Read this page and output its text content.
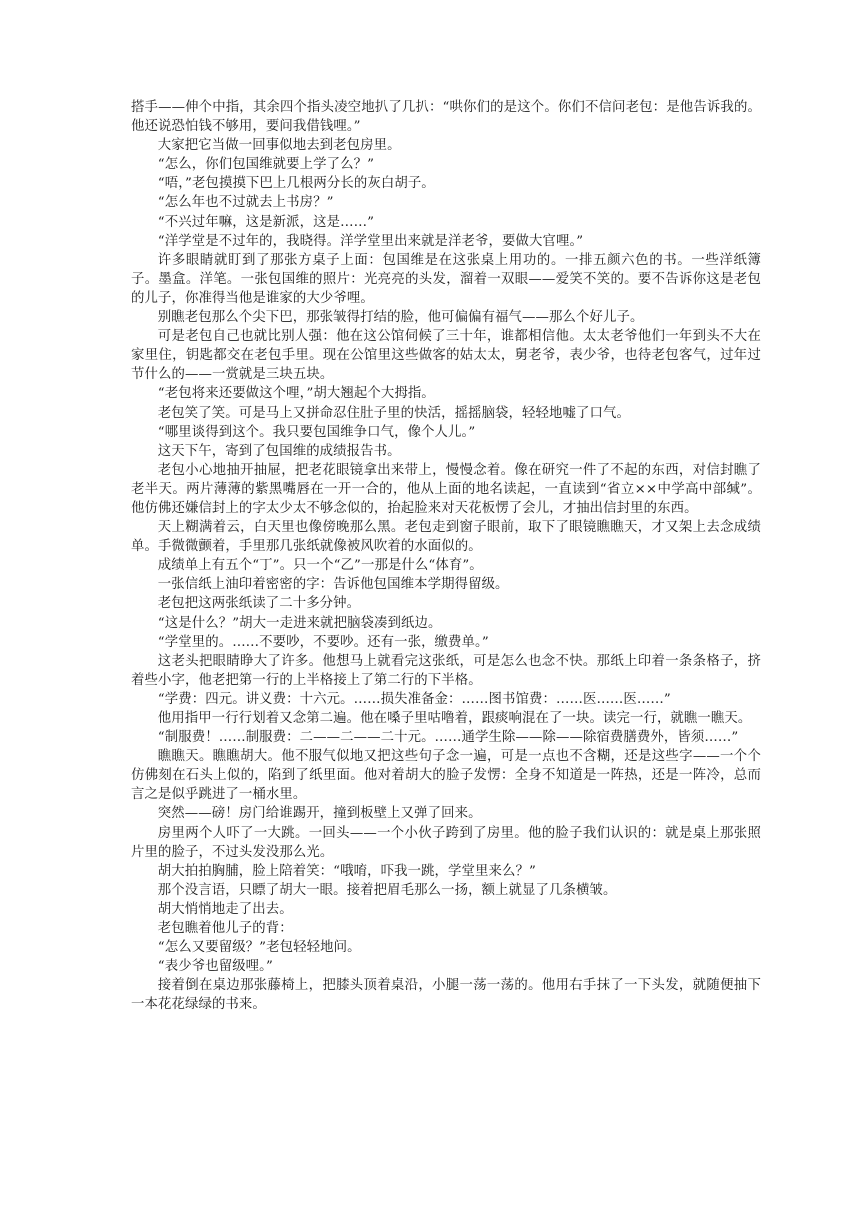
搭手——伸个中指，其余四个指头凌空地扒了几扒：“哄你们的是这个。你们不信问老包：是他告诉我的。他还说恐怕钱不够用，要问我借钱哩。”

大家把它当做一回事似地去到老包房里。

“怎么，你们包国维就要上学了么？”

“唔，”老包摸摸下巴上几根两分长的灰白胡子。

“怎么年也不过就去上书房？”

“不兴过年嘛，这是新派，这是……”

“洋学堂是不过年的，我晓得。洋学堂里出来就是洋老爷，要做大官哩。”

许多眼睛就盯到了那张方桌子上面：包国维是在这张桌上用功的。一排五颜六色的书。一些洋纸簿子。墨盒。洋笔。一张包国维的照片：光亮亮的头发，溜着一双眼——爱笑不笑的。要不告诉你这是老包的儿子，你准得当他是谁家的大少爷哩。

别瞧老包那么个尖下巴，那张皱得打结的脸，他可偏偏有福气——那么个好儿子。

可是老包自己也就比别人强：他在这公馆伺候了三十年，谁都相信他。太太老爷他们一年到头不大在家里住，钥匙都交在老包手里。现在公馆里这些做客的姑太太，舅老爷，表少爷，也待老包客气，过年过节什么的——一赏就是三块五块。

“老包将来还要做这个哩，”胡大翘起个大拇指。

老包笑了笑。可是马上又拼命忍住肚子里的快活，摇摇脑袋，轻轻地嘘了口气。

“哪里谈得到这个。我只要包国维争口气，像个人儿。”

这天下午，寄到了包国维的成绩报告书。

老包小心地抽开抽屉，把老花眼镜拿出来带上，慢慢念着。像在研究一件了不起的东西，对信封瞧了老半天。两片薄薄的紫黑嘴唇在一开一合的，他从上面的地名读起，一直读到“省立××中学高中部缄”。他仿佛还嫌信封上的字太少太不够念似的，抬起脸来对天花板愣了会儿，才抽出信封里的东西。

天上糊满着云，白天里也像傍晚那么黑。老包走到窗子眼前，取下了眼镜瞧瞧天，才又架上去念成绩单。手微微颤着，手里那几张纸就像被风吹着的水面似的。

成绩单上有五个“丁”。只一个“乙”一那是什么“体育”。

一张信纸上油印着密密的字：告诉他包国维本学期得留级。

老包把这两张纸读了二十多分钟。

“这是什么？”胡大一走进来就把脑袋凑到纸边。

“学堂里的。……不要吵，不要吵。还有一张，缴费单。”

这老头把眼睛睁大了许多。他想马上就看完这张纸，可是怎么也念不快。那纸上印着一条条格子，挤着些小字，他老把第一行的上半格接上了第二行的下半格。

“学费：四元。讲义费：十六元。……损失准备金：……图书馆费：……医……医……”

他用指甲一行行划着又念第二遍。他在嗓子里咕噜着，跟痰响混在了一块。读完一行，就瞧一瞧天。

“制服费！……制服费：二——二——二十元。……通学生除——除——除宿费膳费外，皆须……”

瞧瞧天。瞧瞧胡大。他不服气似地又把这些句子念一遍，可是一点也不含糊，还是这些字——一个个仿佛刻在石头上似的，陷到了纸里面。他对着胡大的脸子发愣：全身不知道是一阵热，还是一阵冷，总而言之是似乎跳进了一桶水里。

突然——磅！房门给谁踢开，撞到板壁上又弹了回来。

房里两个人吓了一大跳。一回头——一个小伙子跨到了房里。他的脸子我们认识的：就是桌上那张照片里的脸子，不过头发没那么光。

胡大拍拍胸脯，脸上陪着笑：“哦唷，吓我一跳，学堂里来么？”

那个没言语，只瞟了胡大一眼。接着把眉毛那么一扬，额上就显了几条横皱。

胡大悄悄地走了出去。

老包瞧着他儿子的背：

“怎么又要留级？”老包轻轻地问。

“表少爷也留级哩。”

接着倒在桌边那张藤椅上，把膝头顶着桌沿，小腿一荡一荡的。他用右手抹了一下头发，就随便抽下一本花花绿绿的书来。
